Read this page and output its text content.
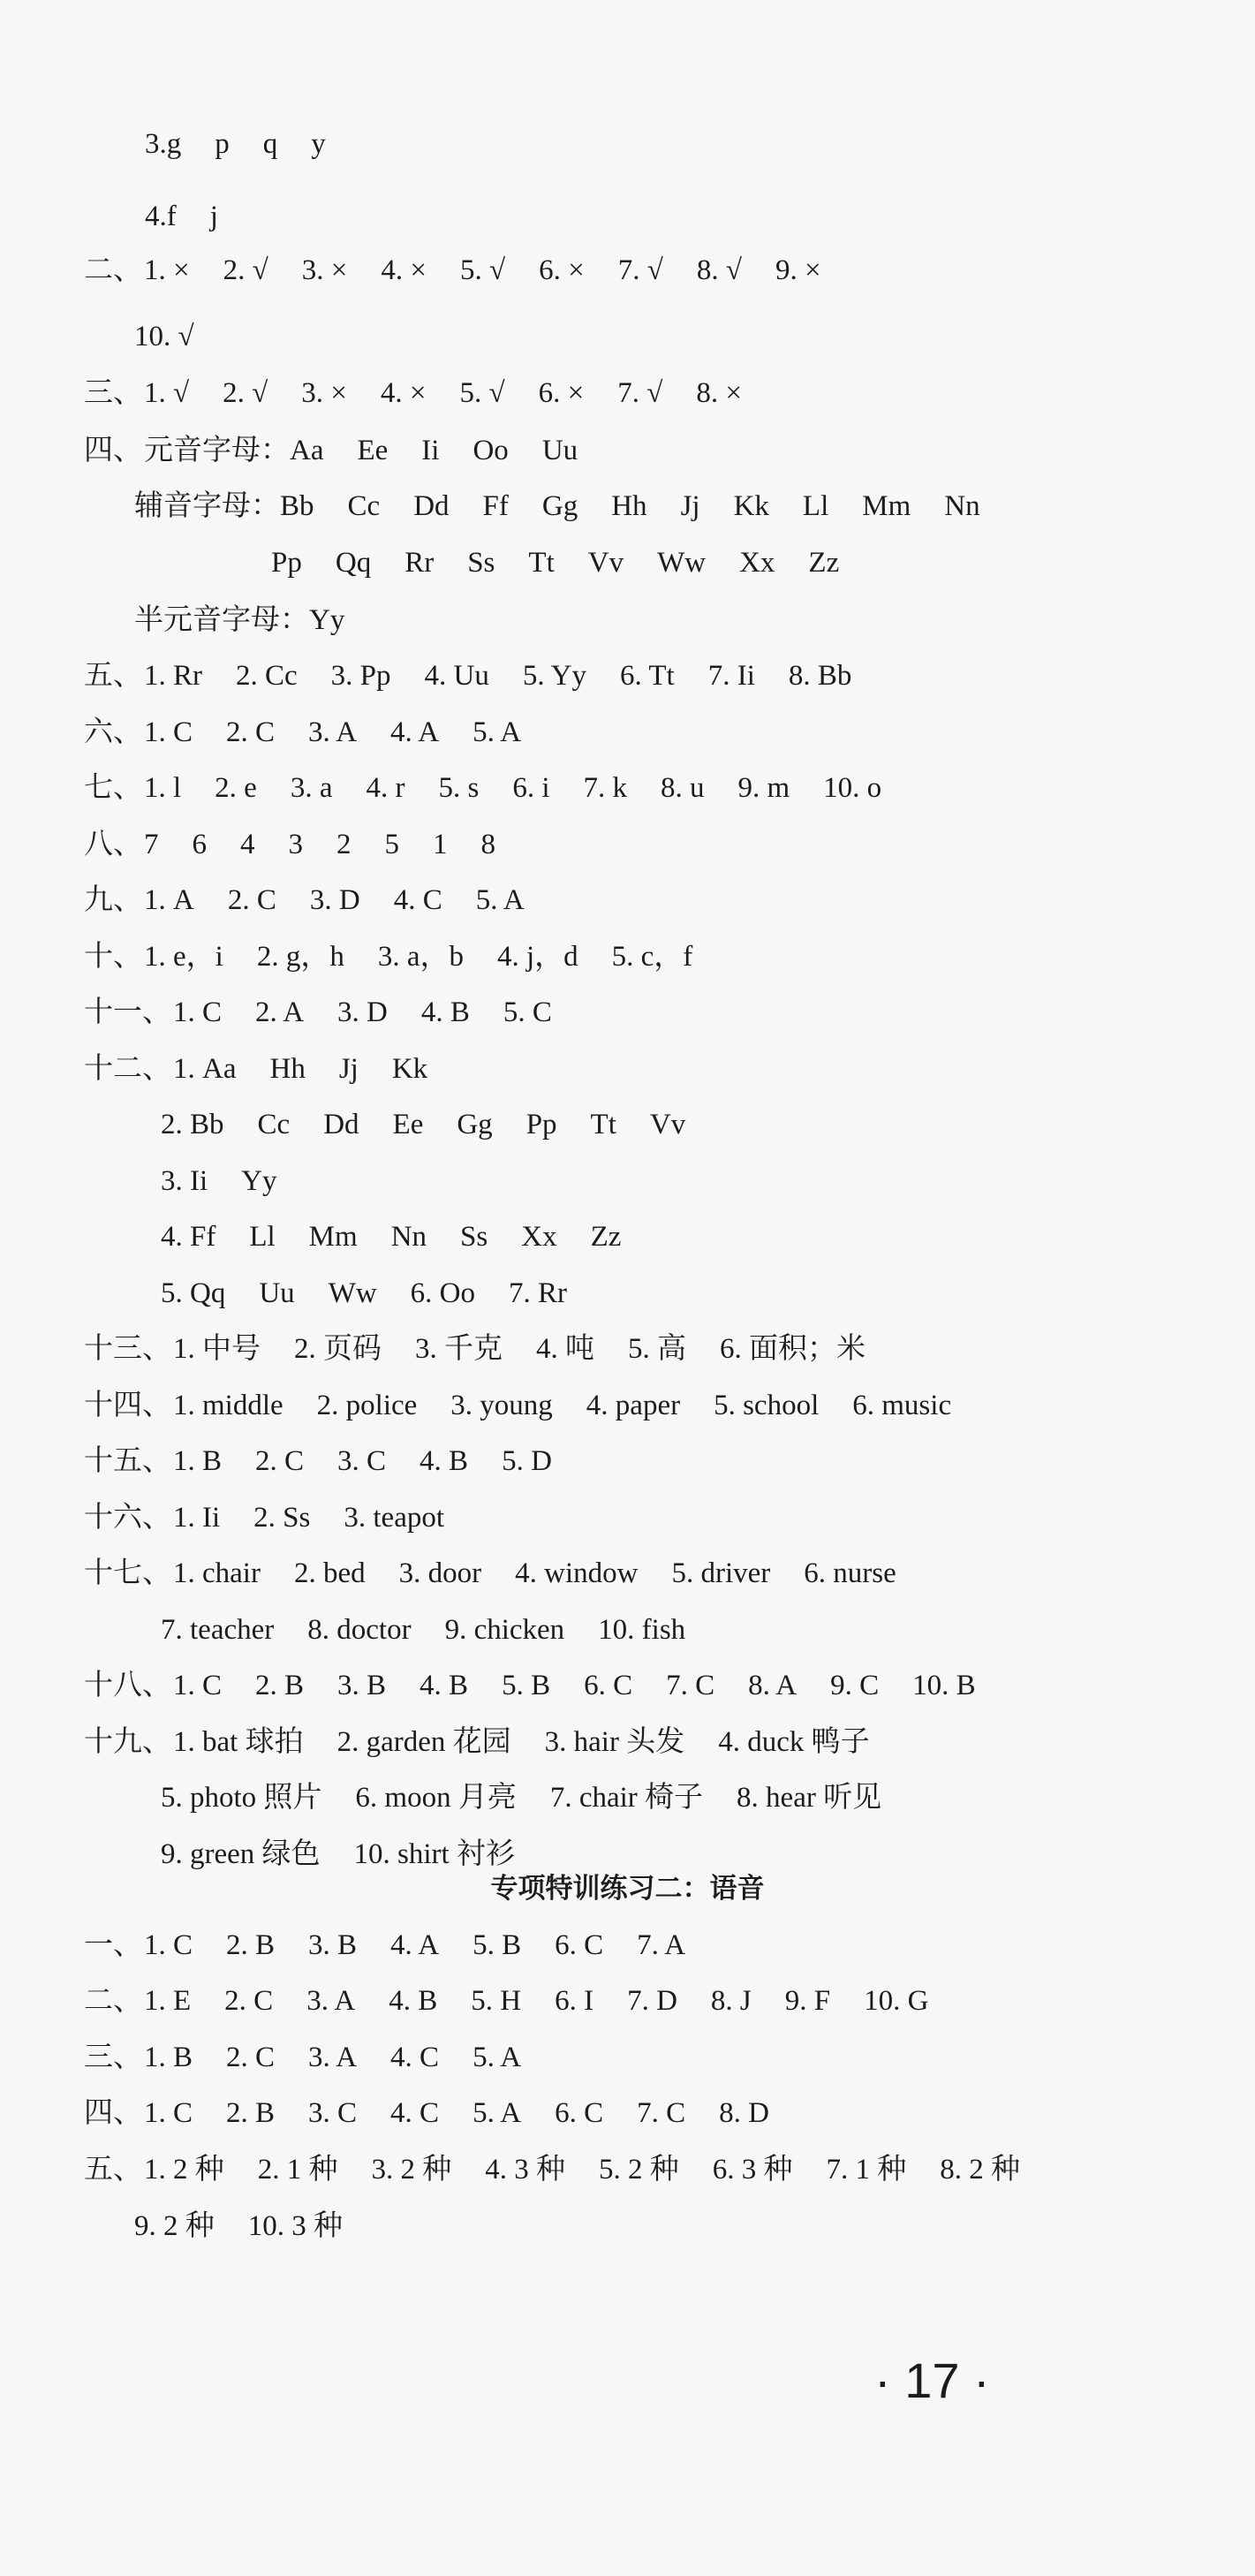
3.g p q y
4.f j
二、1. × 2. √ 3. × 4. × 5. √ 6. × 7. √ 8. √ 9. ×
10. √
三、1. √ 2. √ 3. × 4. × 5. √ 6. × 7. √ 8. ×
四、元音字母：Aa Ee Ii Oo Uu
辅音字母：Bb Cc Dd Ff Gg Hh Jj Kk Ll Mm Nn
Pp Qq Rr Ss Tt Vv Ww Xx Zz
半元音字母：Yy
五、1. Rr 2. Cc 3. Pp 4. Uu 5. Yy 6. Tt 7. Ii 8. Bb
六、1. C 2. C 3. A 4. A 5. A
七、1. l 2. e 3. a 4. r 5. s 6. i 7. k 8. u 9. m 10. o
八、7 6 4 3 2 5 1 8
九、1. A 2. C 3. D 4. C 5. A
十、1. e，i 2. g，h 3. a，b 4. j，d 5. c，f
十一、1. C 2. A 3. D 4. B 5. C
十二、1. Aa Hh Jj Kk
2. Bb Cc Dd Ee Gg Pp Tt Vv
3. Ii Yy
4. Ff Ll Mm Nn Ss Xx Zz
5. Qq Uu Ww 6. Oo 7. Rr
十三、1. 中号 2. 页码 3. 千克 4. 吨 5. 高 6. 面积；米
十四、1. middle 2. police 3. young 4. paper 5. school 6. music
十五、1. B 2. C 3. C 4. B 5. D
十六、1. Ii 2. Ss 3. teapot
十七、1. chair 2. bed 3. door 4. window 5. driver 6. nurse
7. teacher 8. doctor 9. chicken 10. fish
十八、1. C 2. B 3. B 4. B 5. B 6. C 7. C 8. A 9. C 10. B
十九、1. bat 球拍 2. garden 花园 3. hair 头发 4. duck 鸭子
5. photo 照片 6. moon 月亮 7. chair 椅子 8. hear 听见
9. green 绿色 10. shirt 衬衫
一、1. C 2. B 3. B 4. A 5. B 6. C 7. A
二、1. E 2. C 3. A 4. B 5. H 6. I 7. D 8. J 9. F 10. G
三、1. B 2. C 3. A 4. C 5. A
四、1. C 2. B 3. C 4. C 5. A 6. C 7. C 8. D
五、1. 2 种 2. 1 种 3. 2 种 4. 3 种 5. 2 种 6. 3 种 7. 1 种 8. 2 种
9. 2 种 10. 3 种
专项特训练习二：语音
· 17 ·
